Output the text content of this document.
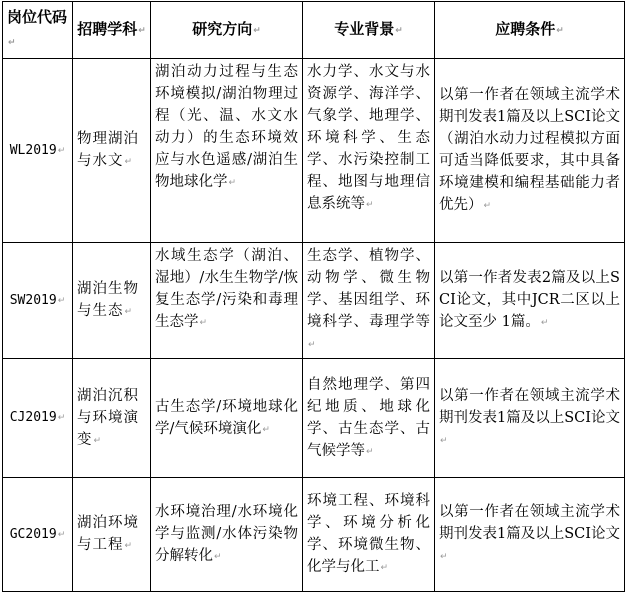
岗位代码↵	招聘学科↵	研究方向↵	专业背景↵	应聘条件↵
WL2019↵	物理湖泊与水文↵	湖泊动力过程与生态环境模拟/湖泊物理过程（光、温、水文水动力）的生态环境效应与水色遥感/湖泊生物地球化学↵	水力学、水文与水资源学、海洋学、气象学、地理学、环境科学、生态学、水污染控制工程、地图与地理信息系统等↵	以第一作者在领域主流学术期刊发表1篇及以上SCI论文（湖泊水动力过程模拟方面可适当降低要求，其中具备环境建模和编程基础能力者优先）↵
SW2019↵	湖泊生物与生态↵	水域生态学（湖泊、湿地）/水生生物学/恢复生态学/污染和毒理生态学↵	生态学、植物学、动物学、微生物学、基因组学、环境科学、毒理学等↵	以第一作者发表2篇及以上SCI论文，其中JCR二区以上论文至少 1篇。↵
CJ2019↵	湖泊沉积与环境演变↵	古生态学/环境地球化学/气候环境演化↵	自然地理学、第四纪地质、地球化学、古生态学、古气候学等↵	以第一作者在领域主流学术期刊发表1篇及以上SCI论文↵
GC2019↵	湖泊环境与工程↵	水环境治理/水环境化学与监测/水体污染物分解转化↵	环境工程、环境科学、环境分析化学、环境微生物、化学与化工↵	以第一作者在领域主流学术期刊发表1篇及以上SCI论文↵
